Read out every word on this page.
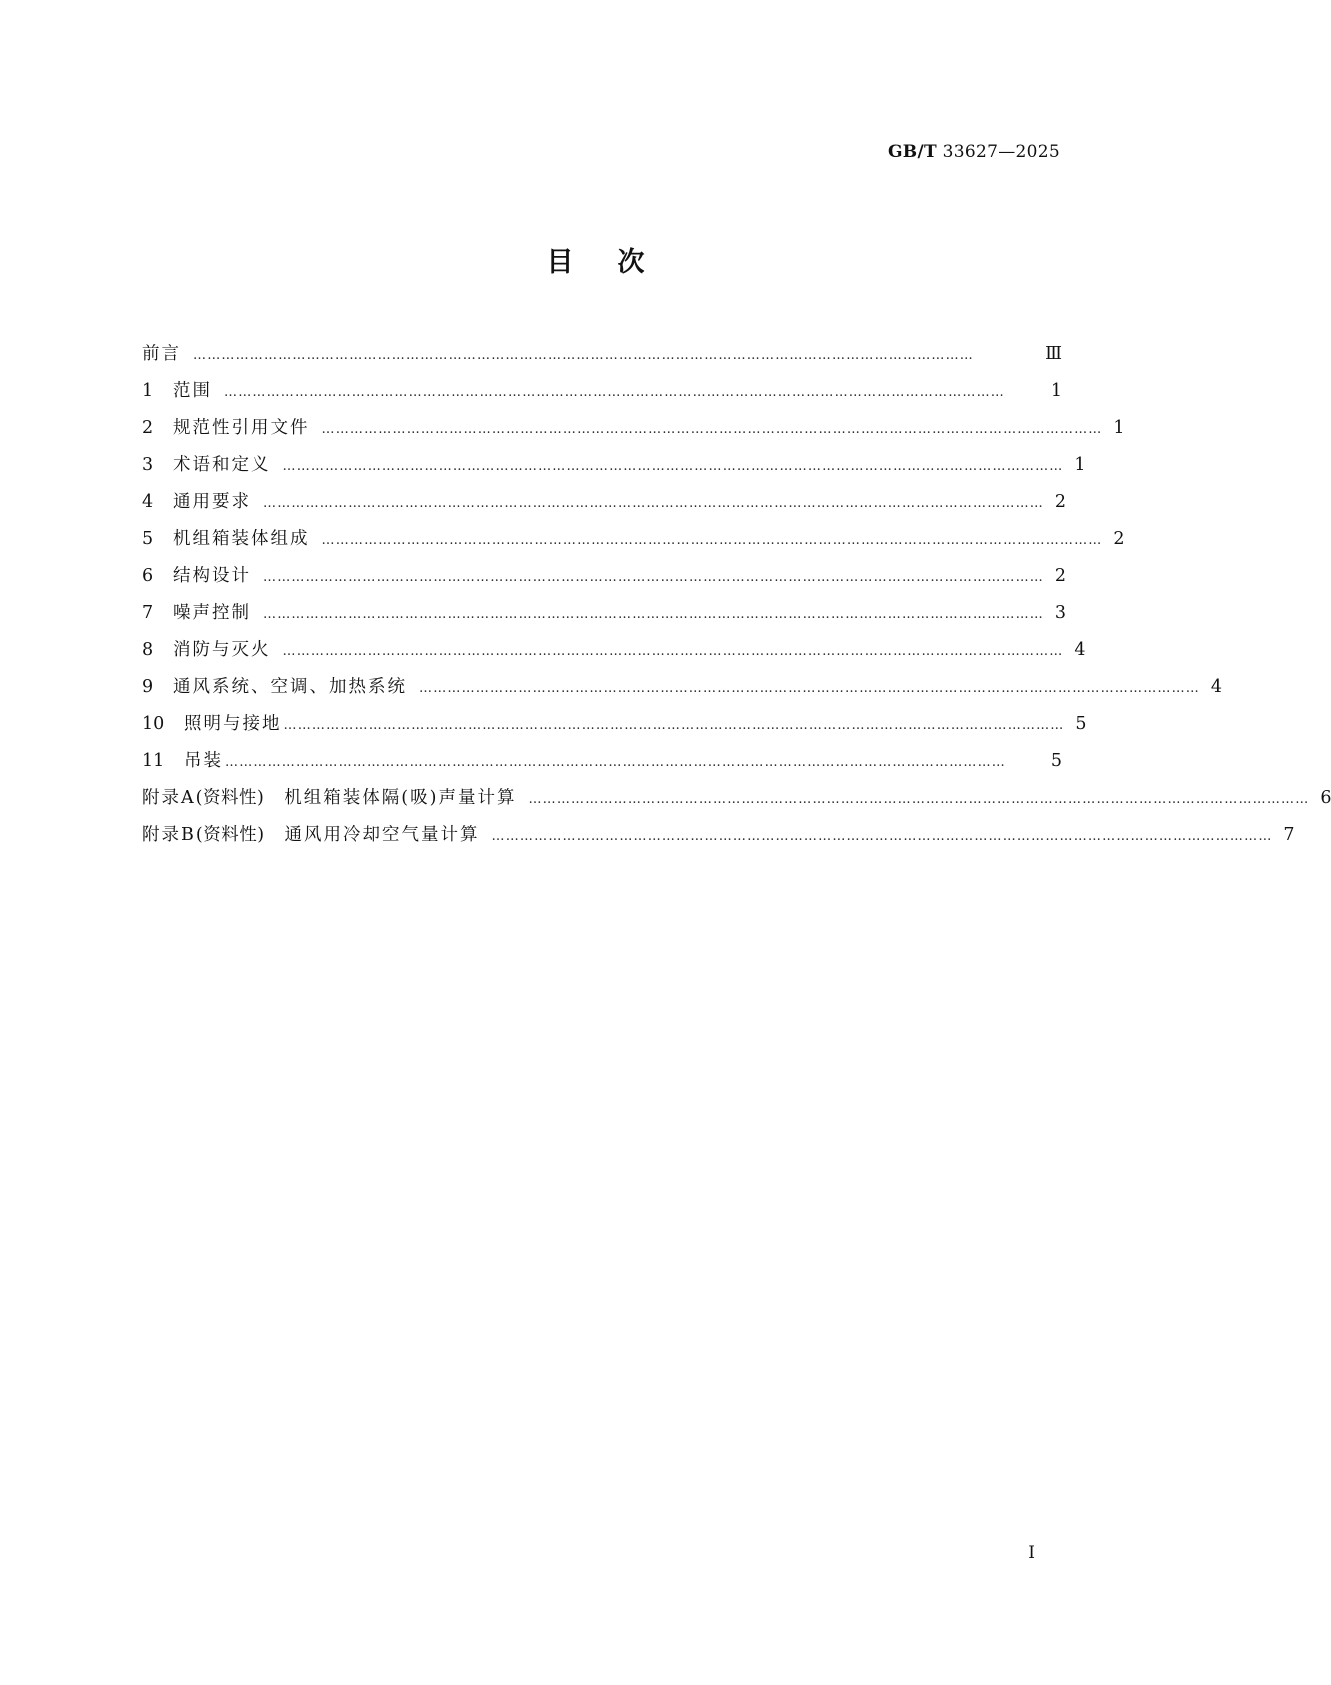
GB/T 33627—2025
目次
前言 …………………………………………………………………………………………………………………………………………………	Ⅲ
1	范围 …………………………………………………………………………………………………………………………………………………	1
2	规范性引用文件 ………………………………………………………………………………………………………………………………………………… 1
3	术语和定义 ………………………………………………………………………………………………………………………………………………… 1
4	通用要求 ………………………………………………………………………………………………………………………………………………… 2
5	机组箱装体组成 ………………………………………………………………………………………………………………………………………………… 2
6	结构设计 ………………………………………………………………………………………………………………………………………………… 2
7	噪声控制 ………………………………………………………………………………………………………………………………………………… 3
8	消防与灭火 ………………………………………………………………………………………………………………………………………………… 4
9	通风系统、空调、加热系统 ………………………………………………………………………………………………………………………………………………… 4
10	照明与接地 ………………………………………………………………………………………………………………………………………………… 5
11	吊装 …………………………………………………………………………………………………………………………………………………	5
附录A(资料性) 机组箱装体隔(吸)声量计算 ………………………………………………………………………………………………………………………………………………… 6
附录B(资料性) 通风用冷却空气量计算 ………………………………………………………………………………………………………………………………………………… 7
Ⅰ
